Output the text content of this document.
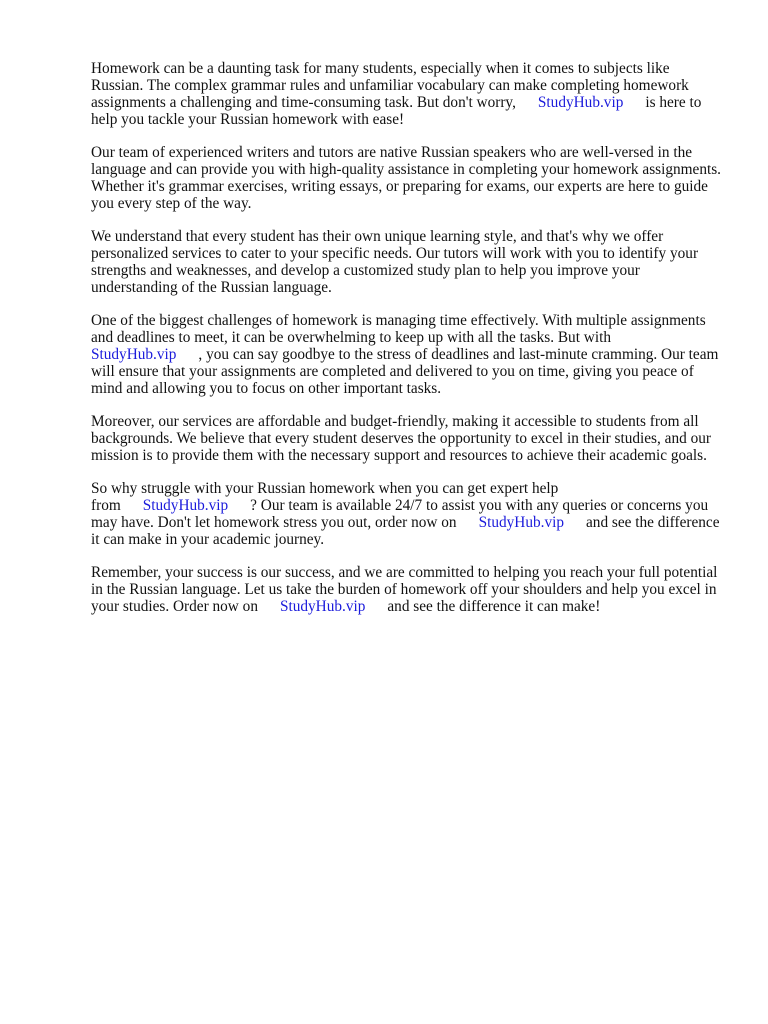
Homework can be a daunting task for many students, especially when it comes to subjects like Russian. The complex grammar rules and unfamiliar vocabulary can make completing homework assignments a challenging and time-consuming task. But don't worry, StudyHub.vip is here to help you tackle your Russian homework with ease!

Our team of experienced writers and tutors are native Russian speakers who are well-versed in the language and can provide you with high-quality assistance in completing your homework assignments. Whether it's grammar exercises, writing essays, or preparing for exams, our experts are here to guide you every step of the way.

We understand that every student has their own unique learning style, and that's why we offer personalized services to cater to your specific needs. Our tutors will work with you to identify your strengths and weaknesses, and develop a customized study plan to help you improve your understanding of the Russian language.

One of the biggest challenges of homework is managing time effectively. With multiple assignments and deadlines to meet, it can be overwhelming to keep up with all the tasks. But with StudyHub.vip , you can say goodbye to the stress of deadlines and last-minute cramming. Our team will ensure that your assignments are completed and delivered to you on time, giving you peace of mind and allowing you to focus on other important tasks.

Moreover, our services are affordable and budget-friendly, making it accessible to students from all backgrounds. We believe that every student deserves the opportunity to excel in their studies, and our mission is to provide them with the necessary support and resources to achieve their academic goals.

So why struggle with your Russian homework when you can get expert help from StudyHub.vip ? Our team is available 24/7 to assist you with any queries or concerns you may have. Don't let homework stress you out, order now on StudyHub.vip and see the difference it can make in your academic journey.

Remember, your success is our success, and we are committed to helping you reach your full potential in the Russian language. Let us take the burden of homework off your shoulders and help you excel in your studies. Order now on StudyHub.vip and see the difference it can make!
